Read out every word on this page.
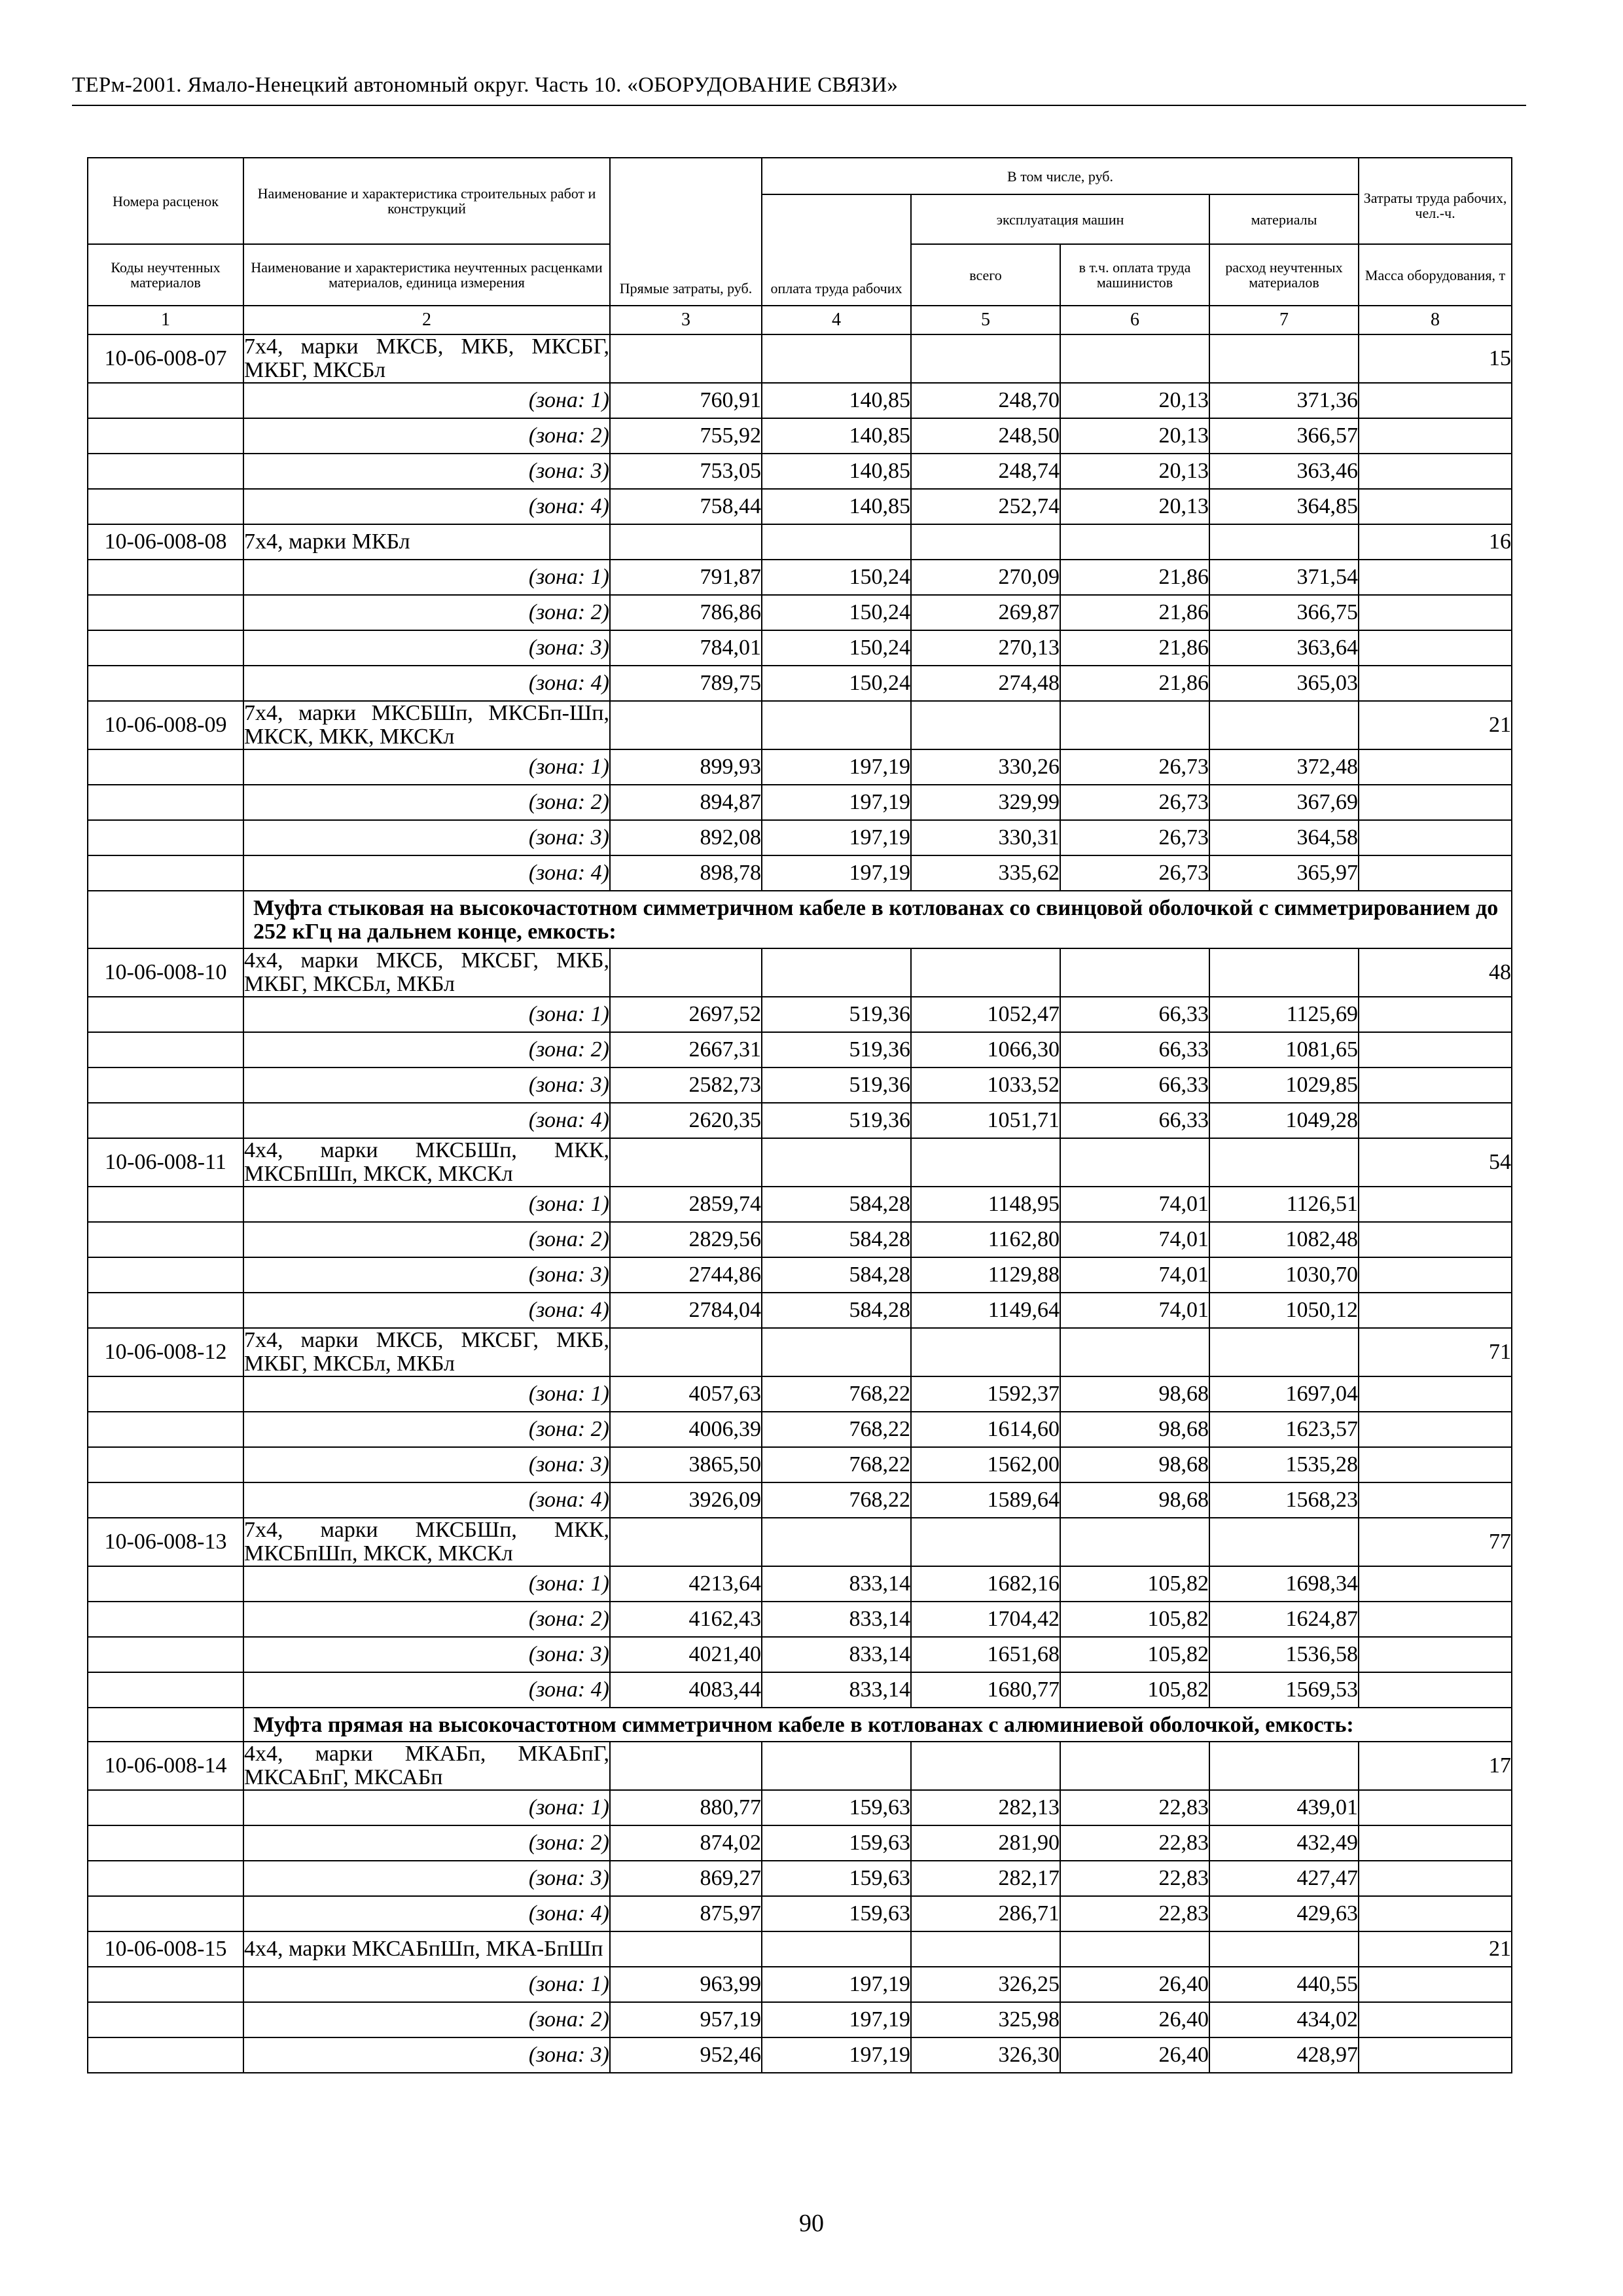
ТЕРм-2001. Ямало-Ненецкий автономный округ. Часть 10. «ОБОРУДОВАНИЕ СВЯЗИ»
Номера расценок	Наименование и характеристика строительных работ и конструкций	Прямые затраты, руб.	В том числе, руб.				Затраты труда рабочих, чел.-ч.
			оплата труда рабочих	эксплуатация машин		материалы	
Коды неучтенных материалов	Наименование и характеристика неучтенных расценками материалов, единица измерения			всего	в т.ч. оплата труда машинистов	расход неучтенных материалов	Масса оборудования, т
1	2	3	4	5	6	7	8
10-06-008-07	7х4, марки МКСБ, МКБ, МКСБГ, МКБГ, МКСБл						15
	(зона: 1)	760,91	140,85	248,70	20,13	371,36	
	(зона: 2)	755,92	140,85	248,50	20,13	366,57	
	(зона: 3)	753,05	140,85	248,74	20,13	363,46	
	(зона: 4)	758,44	140,85	252,74	20,13	364,85	
10-06-008-08	7х4, марки МКБл						16
	(зона: 1)	791,87	150,24	270,09	21,86	371,54	
	(зона: 2)	786,86	150,24	269,87	21,86	366,75	
	(зона: 3)	784,01	150,24	270,13	21,86	363,64	
	(зона: 4)	789,75	150,24	274,48	21,86	365,03	
10-06-008-09	7х4, марки МКСБШп, МКСБп-Шп, МКСК, МКК, МКСКл						21
	(зона: 1)	899,93	197,19	330,26	26,73	372,48	
	(зона: 2)	894,87	197,19	329,99	26,73	367,69	
	(зона: 3)	892,08	197,19	330,31	26,73	364,58	
	(зона: 4)	898,78	197,19	335,62	26,73	365,97	
	Муфта стыковая на высокочастотном симметричном кабеле в котлованах со свинцовой оболочкой с симметрированием до 252 кГц на дальнем конце, емкость:						
10-06-008-10	4х4, марки МКСБ, МКСБГ, МКБ, МКБГ, МКСБл, МКБл						48
	(зона: 1)	2697,52	519,36	1052,47	66,33	1125,69	
	(зона: 2)	2667,31	519,36	1066,30	66,33	1081,65	
	(зона: 3)	2582,73	519,36	1033,52	66,33	1029,85	
	(зона: 4)	2620,35	519,36	1051,71	66,33	1049,28	
10-06-008-11	4х4, марки МКСБШп, МКК, МКСБпШп, МКСК, МКСКл						54
	(зона: 1)	2859,74	584,28	1148,95	74,01	1126,51	
	(зона: 2)	2829,56	584,28	1162,80	74,01	1082,48	
	(зона: 3)	2744,86	584,28	1129,88	74,01	1030,70	
	(зона: 4)	2784,04	584,28	1149,64	74,01	1050,12	
10-06-008-12	7х4, марки МКСБ, МКСБГ, МКБ, МКБГ, МКСБл, МКБл						71
	(зона: 1)	4057,63	768,22	1592,37	98,68	1697,04	
	(зона: 2)	4006,39	768,22	1614,60	98,68	1623,57	
	(зона: 3)	3865,50	768,22	1562,00	98,68	1535,28	
	(зона: 4)	3926,09	768,22	1589,64	98,68	1568,23	
10-06-008-13	7х4, марки МКСБШп, МКК, МКСБпШп, МКСК, МКСКл						77
	(зона: 1)	4213,64	833,14	1682,16	105,82	1698,34	
	(зона: 2)	4162,43	833,14	1704,42	105,82	1624,87	
	(зона: 3)	4021,40	833,14	1651,68	105,82	1536,58	
	(зона: 4)	4083,44	833,14	1680,77	105,82	1569,53	
	Муфта прямая на высокочастотном симметричном кабеле в котлованах с алюминиевой оболочкой, емкость:						
10-06-008-14	4х4, марки МКАБп, МКАБпГ, МКСАБпГ, МКСАБп						17
	(зона: 1)	880,77	159,63	282,13	22,83	439,01	
	(зона: 2)	874,02	159,63	281,90	22,83	432,49	
	(зона: 3)	869,27	159,63	282,17	22,83	427,47	
	(зона: 4)	875,97	159,63	286,71	22,83	429,63	
10-06-008-15	4х4, марки МКСАБпШп, МКА-БпШп						21
	(зона: 1)	963,99	197,19	326,25	26,40	440,55	
	(зона: 2)	957,19	197,19	325,98	26,40	434,02	
	(зона: 3)	952,46	197,19	326,30	26,40	428,97	
90
